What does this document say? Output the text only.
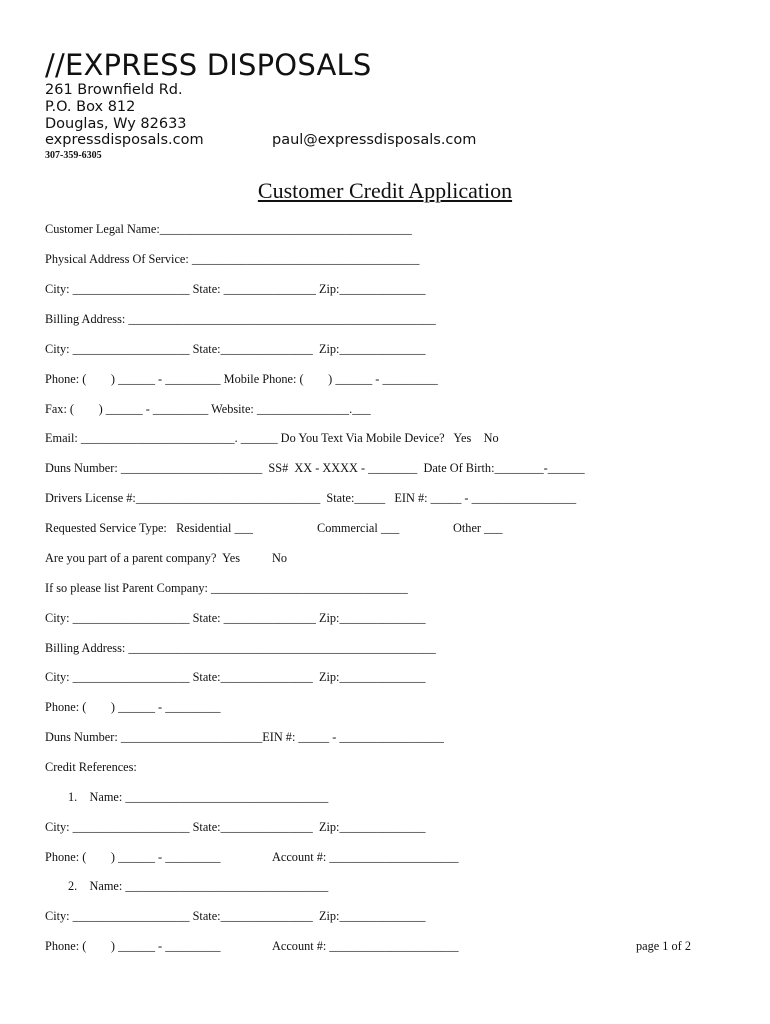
//EXPRESS DISPOSALS
261 Brownfield Rd.
P.O. Box 812
Douglas, Wy 82633
expressdisposals.com	paul@expressdisposals.com
307-359-6305
Customer Credit Application
Customer Legal Name:_________________________________________
Physical Address Of Service: _____________________________________
City: ___________________ State: _______________ Zip:______________
Billing Address: __________________________________________________
City: ___________________ State:_______________  Zip:______________
Phone: (        ) ______ - _________ Mobile Phone: (        ) ______ - _________
Fax: (        ) ______ - _________ Website: _______________.___
Email: _________________________. ______ Do You Text Via Mobile Device?   Yes    No
Duns Number: _______________________  SS#  XX - XXXX - ________  Date Of Birth:________-______
Drivers License #:______________________________  State:_____   EIN #: _____ - _________________

Requested Service Type:   Residential ___

	Commercial ___

	Other ___

Are you part of a parent company?  Yes

	No

If so please list Parent Company: ________________________________
City: ___________________ State: _______________ Zip:______________
Billing Address: __________________________________________________
City: ___________________ State:_______________  Zip:______________
Phone: (        ) ______ - _________
Duns Number: _______________________EIN #: _____ - _________________
Credit References:
1.    Name: _________________________________
City: ___________________ State:_______________  Zip:______________

Phone: (        ) ______ - _________

	Account #: _____________________

2.    Name: _________________________________
City: ___________________ State:_______________  Zip:______________

Phone: (        ) ______ - _________

	Account #: _____________________

	page 1 of 2
